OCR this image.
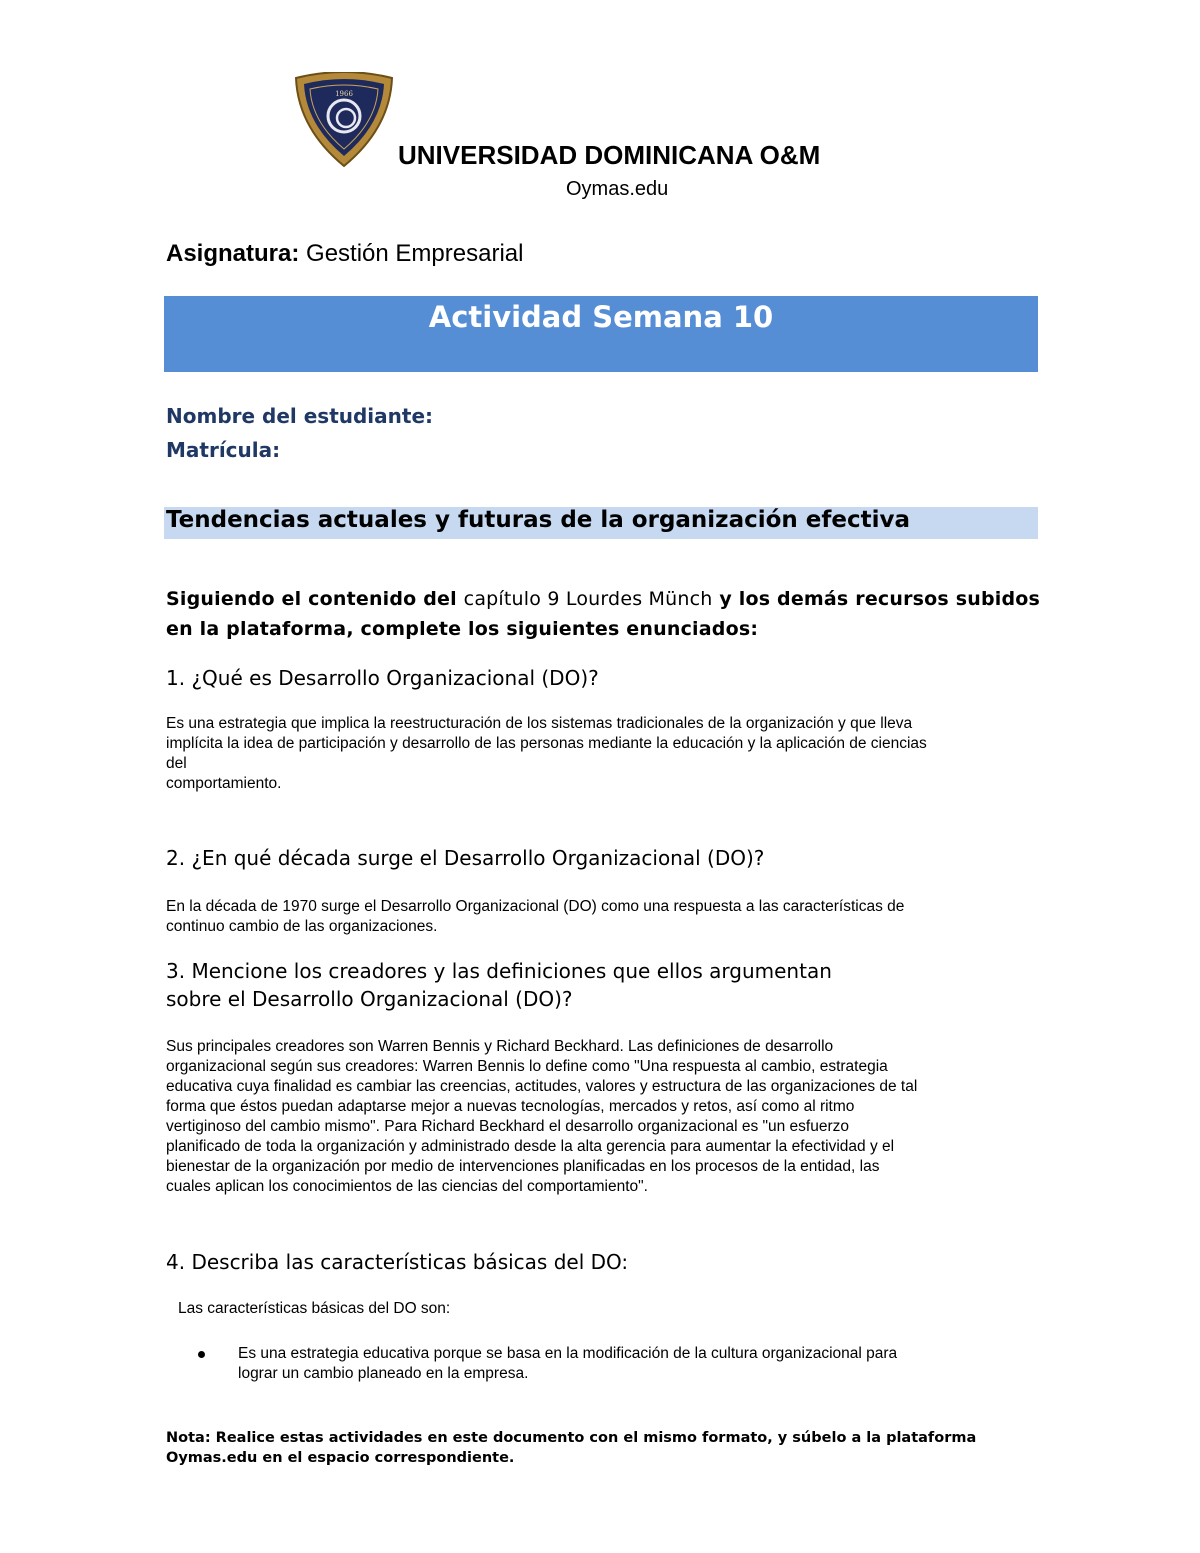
1966
UNIVERSIDAD DOMINICANA O&M
Oymas.edu
Asignatura: Gestión Empresarial
Actividad Semana 10
Nombre del estudiante:
Matrícula:
Tendencias actuales y futuras de la organización efectiva
Siguiendo el contenido del capítulo 9 Lourdes Münch y los demás recursos subidos en la plataforma, complete los siguientes enunciados:
1. ¿Qué es Desarrollo Organizacional (DO)?
Es una estrategia que implica la reestructuración de los sistemas tradicionales de la organización y que lleva
implícita la idea de participación y desarrollo de las personas mediante la educación y la aplicación de ciencias
del
comportamiento.
2. ¿En qué década surge el Desarrollo Organizacional (DO)?
En la década de 1970 surge el Desarrollo Organizacional (DO) como una respuesta a las características de
continuo cambio de las organizaciones.
3. Mencione los creadores y las definiciones que ellos argumentan
sobre el Desarrollo Organizacional (DO)?
Sus principales creadores son Warren Bennis y Richard Beckhard. Las definiciones de desarrollo
organizacional según sus creadores: Warren Bennis lo define como "Una respuesta al cambio, estrategia
educativa cuya finalidad es cambiar las creencias, actitudes, valores y estructura de las organizaciones de tal
forma que éstos puedan adaptarse mejor a nuevas tecnologías, mercados y retos, así como al ritmo
vertiginoso del cambio mismo". Para Richard Beckhard el desarrollo organizacional es "un esfuerzo
planificado de toda la organización y administrado desde la alta gerencia para aumentar la efectividad y el
bienestar de la organización por medio de intervenciones planificadas en los procesos de la entidad, las
cuales aplican los conocimientos de las ciencias del comportamiento".
4. Describa las características básicas del DO:
Las características básicas del DO son:
Es una estrategia educativa porque se basa en la modificación de la cultura organizacional para
lograr un cambio planeado en la empresa.
Nota: Realice estas actividades en este documento con el mismo formato, y súbelo a la plataforma
Oymas.edu en el espacio correspondiente.
